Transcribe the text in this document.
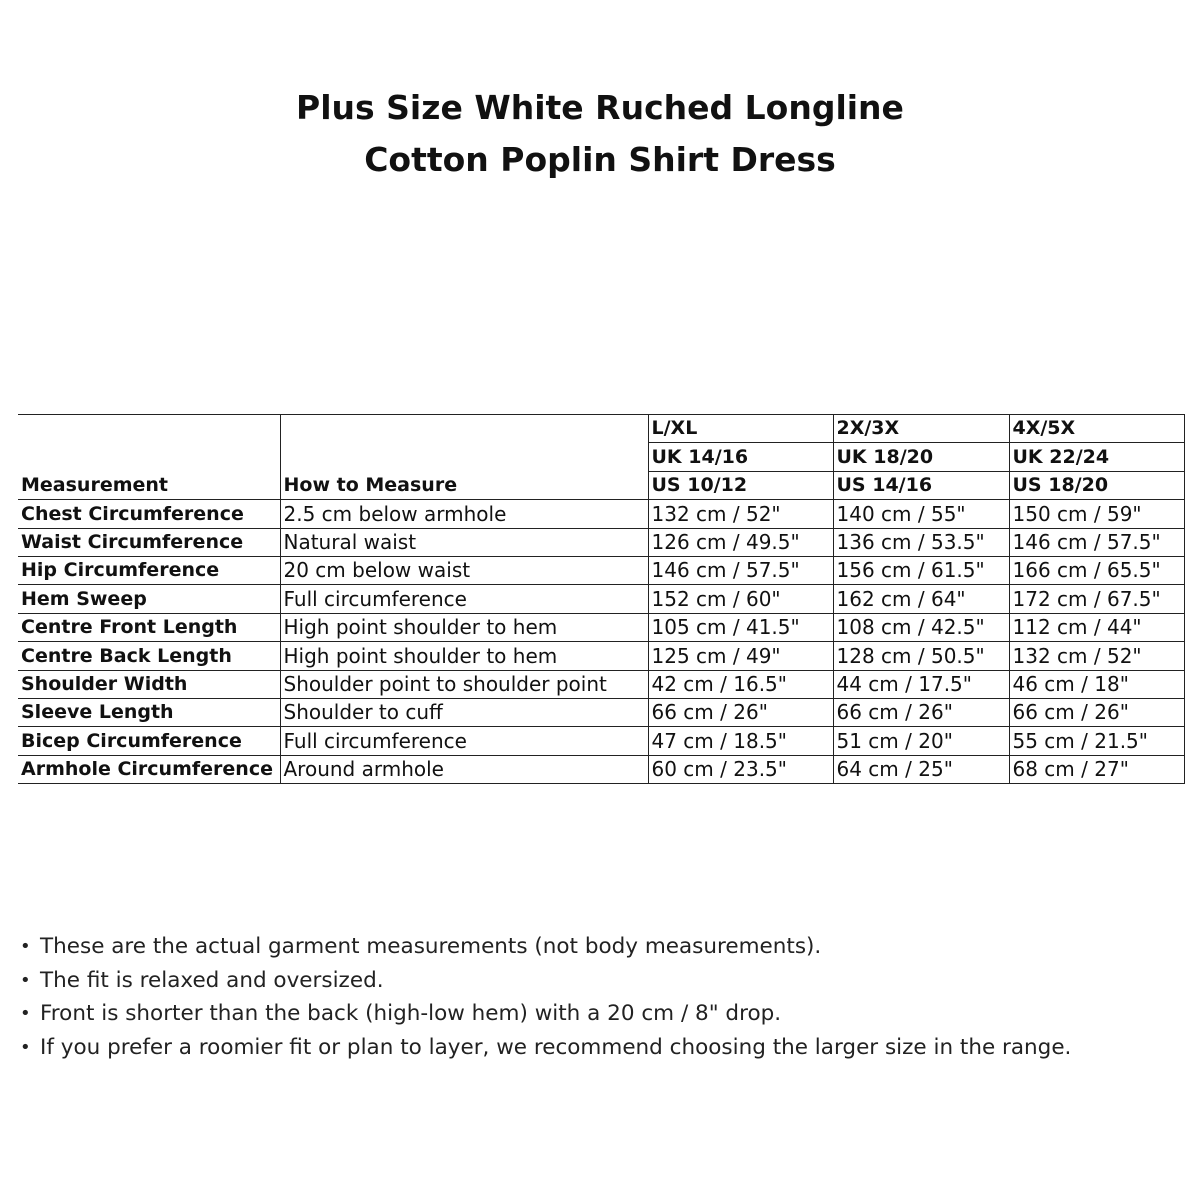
Plus Size White Ruched Longline
Cotton Poplin Shirt Dress
		L/XL	2X/3X	4X/5X
		UK 14/16	UK 18/20	UK 22/24
Measurement	How to Measure	US 10/12	US 14/16	US 18/20
Chest Circumference	2.5 cm below armhole	132 cm / 52"	140 cm / 55"	150 cm / 59"
Waist Circumference	Natural waist	126 cm / 49.5"	136 cm / 53.5"	146 cm / 57.5"
Hip Circumference	20 cm below waist	146 cm / 57.5"	156 cm / 61.5"	166 cm / 65.5"
Hem Sweep	Full circumference	152 cm / 60"	162 cm / 64"	172 cm / 67.5"
Centre Front Length	High point shoulder to hem	105 cm / 41.5"	108 cm / 42.5"	112 cm / 44"
Centre Back Length	High point shoulder to hem	125 cm / 49"	128 cm / 50.5"	132 cm / 52"
Shoulder Width	Shoulder point to shoulder point	42 cm / 16.5"	44 cm / 17.5"	46 cm / 18"
Sleeve Length	Shoulder to cuff	66 cm / 26"	66 cm / 26"	66 cm / 26"
Bicep Circumference	Full circumference	47 cm / 18.5"	51 cm / 20"	55 cm / 21.5"
Armhole Circumference	Around armhole	60 cm / 23.5"	64 cm / 25"	68 cm / 27"
• These are the actual garment measurements (not body measurements).
• The fit is relaxed and oversized.
• Front is shorter than the back (high-low hem) with a 20 cm / 8" drop.
• If you prefer a roomier fit or plan to layer, we recommend choosing the larger size in the range.
